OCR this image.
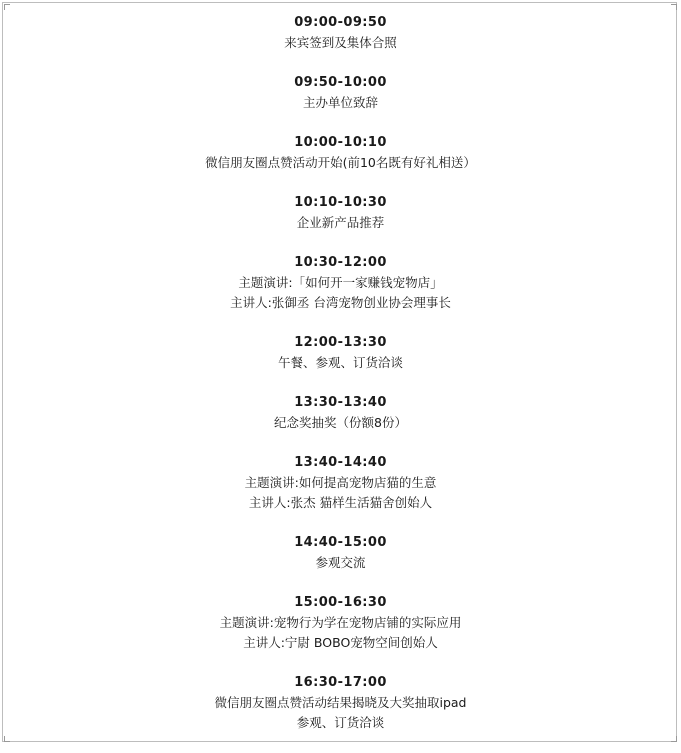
09:00-09:50
来宾签到及集体合照
09:50-10:00
主办单位致辞
10:00-10:10
微信朋友圈点赞活动开始(前10名既有好礼相送）
10:10-10:30
企业新产品推荐
10:30-12:00
主题演讲:「如何开一家赚钱宠物店」
主讲人:张御丞 台湾宠物创业协会理事长
12:00-13:30
午餐、参观、订货洽谈
13:30-13:40
纪念奖抽奖（份额8份）
13:40-14:40
主题演讲:如何提高宠物店猫的生意
主讲人:张杰 猫样生活猫舍创始人
14:40-15:00
参观交流
15:00-16:30
主题演讲:宠物行为学在宠物店铺的实际应用
主讲人:宁尉 BOBO宠物空间创始人
16:30-17:00
微信朋友圈点赞活动结果揭晓及大奖抽取ipad
参观、订货洽谈
